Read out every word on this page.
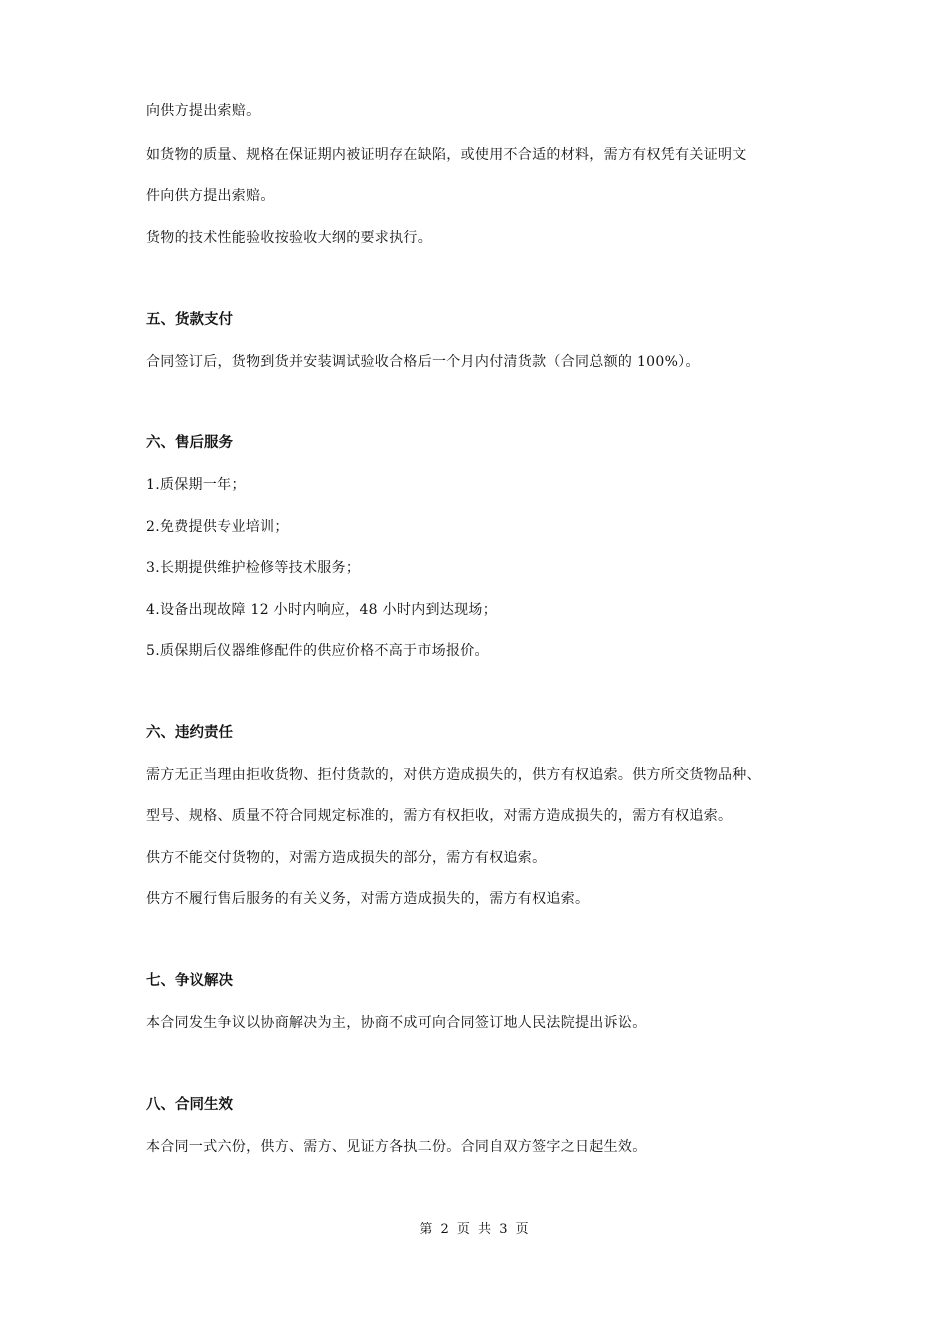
向供方提出索赔。
如货物的质量、规格在保证期内被证明存在缺陷，或使用不合适的材料，需方有权凭有关证明文
件向供方提出索赔。
货物的技术性能验收按验收大纲的要求执行。
五、货款支付
合同签订后，货物到货并安装调试验收合格后一个月内付清货款（合同总额的 100%）。
六、售后服务
1.质保期一年；
2.免费提供专业培训；
3.长期提供维护检修等技术服务；
4.设备出现故障 12 小时内响应，48 小时内到达现场；
5.质保期后仪器维修配件的供应价格不高于市场报价。
六、违约责任
需方无正当理由拒收货物、拒付货款的，对供方造成损失的，供方有权追索。供方所交货物品种、
型号、规格、质量不符合同规定标准的，需方有权拒收，对需方造成损失的，需方有权追索。
供方不能交付货物的，对需方造成损失的部分，需方有权追索。
供方不履行售后服务的有关义务，对需方造成损失的，需方有权追索。
七、争议解决
本合同发生争议以协商解决为主，协商不成可向合同签订地人民法院提出诉讼。
八、合同生效
本合同一式六份，供方、需方、见证方各执二份。合同自双方签字之日起生效。
第 2 页 共 3 页
